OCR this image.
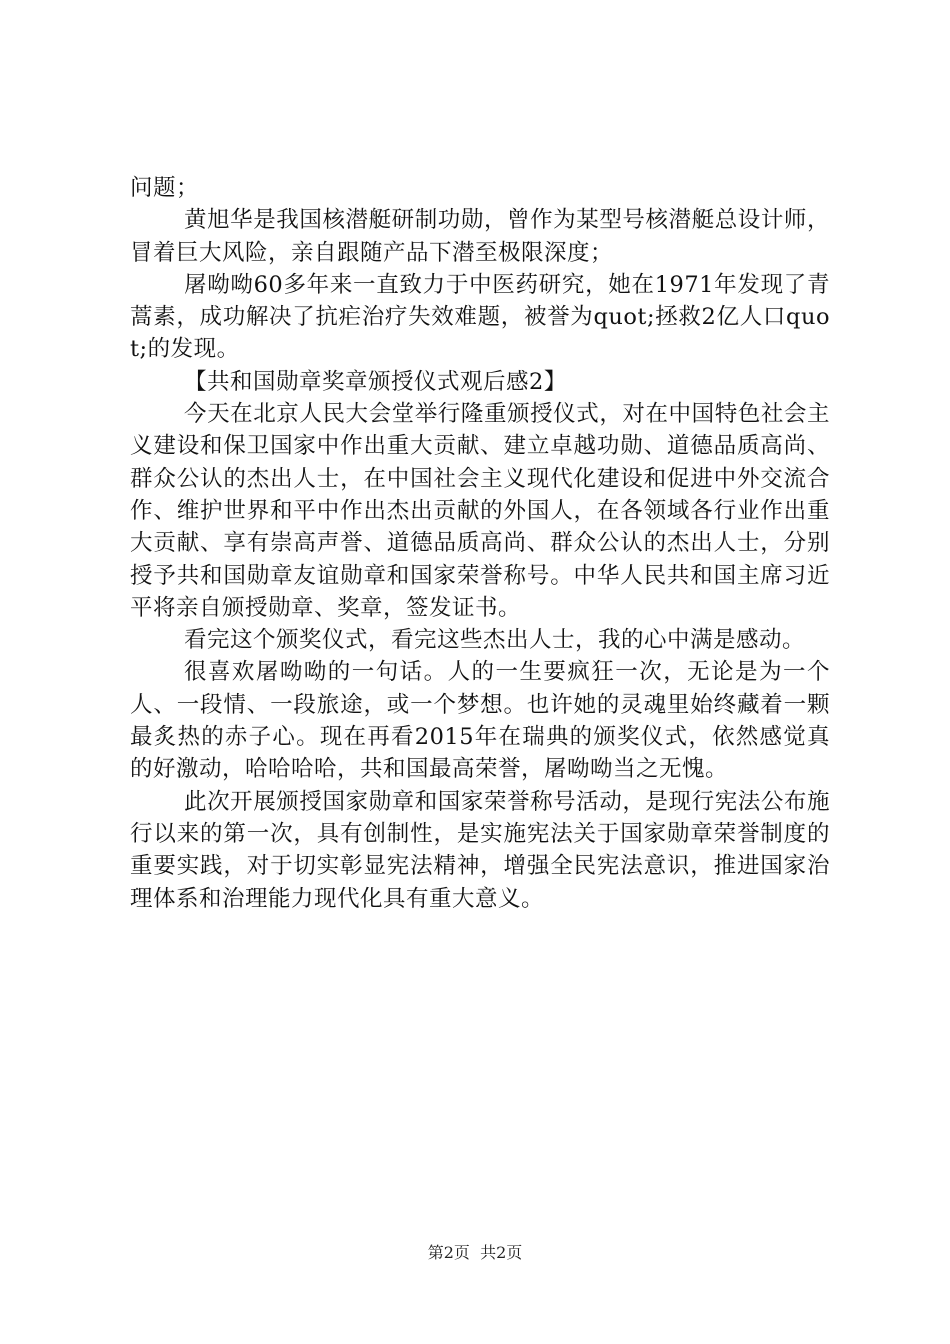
问题；

黄旭华是我国核潜艇研制功勋，曾作为某型号核潜艇总设计师，冒着巨大风险，亲自跟随产品下潜至极限深度；

屠呦呦60多年来一直致力于中医药研究，她在1971年发现了青蒿素，成功解决了抗疟治疗失效难题，被誉为quot;拯救2亿人口quot;的发现。

【共和国勋章奖章颁授仪式观后感2】

今天在北京人民大会堂举行隆重颁授仪式，对在中国特色社会主义建设和保卫国家中作出重大贡献、建立卓越功勋、道德品质高尚、群众公认的杰出人士，在中国社会主义现代化建设和促进中外交流合作、维护世界和平中作出杰出贡献的外国人，在各领域各行业作出重大贡献、享有崇高声誉、道德品质高尚、群众公认的杰出人士，分别授予共和国勋章友谊勋章和国家荣誉称号。中华人民共和国主席习近平将亲自颁授勋章、奖章，签发证书。

看完这个颁奖仪式，看完这些杰出人士，我的心中满是感动。

很喜欢屠呦呦的一句话。人的一生要疯狂一次，无论是为一个人、一段情、一段旅途，或一个梦想。也许她的灵魂里始终藏着一颗最炙热的赤子心。现在再看2015年在瑞典的颁奖仪式，依然感觉真的好激动，哈哈哈哈，共和国最高荣誉，屠呦呦当之无愧。

此次开展颁授国家勋章和国家荣誉称号活动，是现行宪法公布施行以来的第一次，具有创制性，是实施宪法关于国家勋章荣誉制度的重要实践，对于切实彰显宪法精神，增强全民宪法意识，推进国家治理体系和治理能力现代化具有重大意义。

第2页  共2页
